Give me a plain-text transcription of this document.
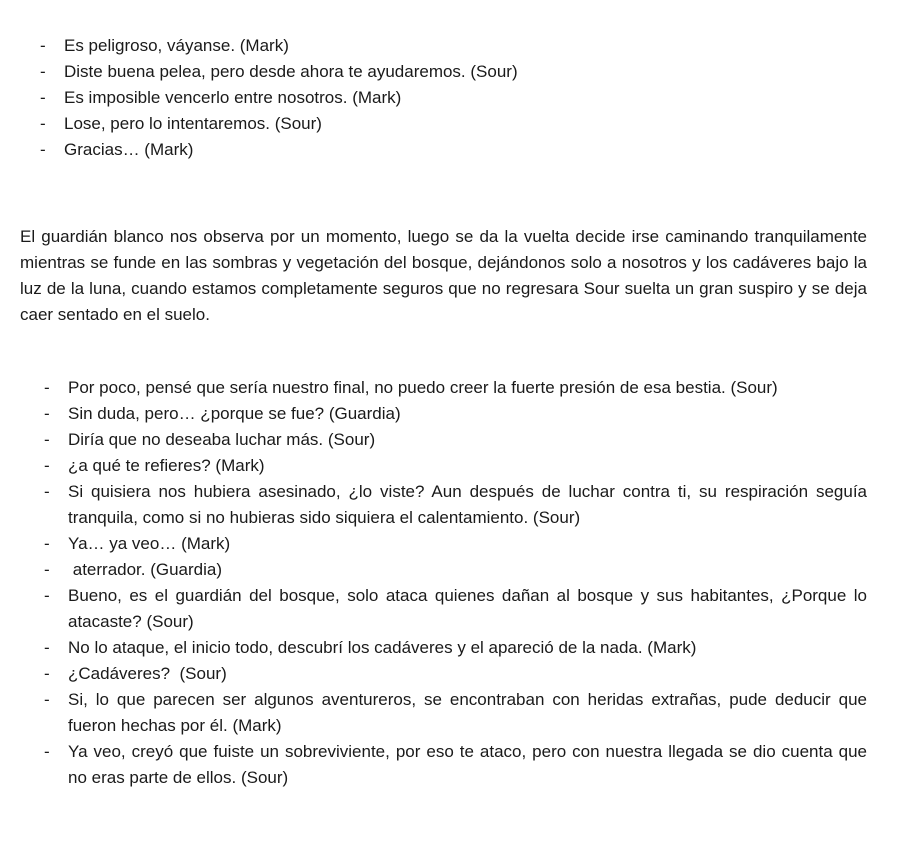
- Es peligroso, váyanse. (Mark)
- Diste buena pelea, pero desde ahora te ayudaremos. (Sour)
- Es imposible vencerlo entre nosotros. (Mark)
- Lose, pero lo intentaremos. (Sour)
- Gracias… (Mark)

El guardián blanco nos observa por un momento, luego se da la vuelta decide irse caminando tranquilamente mientras se funde en las sombras y vegetación del bosque, dejándonos solo a nosotros y los cadáveres bajo la luz de la luna, cuando estamos completamente seguros que no regresara Sour suelta un gran suspiro y se deja caer sentado en el suelo.

- Por poco, pensé que sería nuestro final, no puedo creer la fuerte presión de esa bestia. (Sour)
- Sin duda, pero… ¿porque se fue? (Guardia)
- Diría que no deseaba luchar más. (Sour)
- ¿a qué te refieres? (Mark)
- Si quisiera nos hubiera asesinado, ¿lo viste? Aun después de luchar contra ti, su respiración seguía tranquila, como si no hubieras sido siquiera el calentamiento. (Sour)
- Ya… ya veo… (Mark)
- aterrador. (Guardia)
- Bueno, es el guardián del bosque, solo ataca quienes dañan al bosque y sus habitantes, ¿Porque lo atacaste? (Sour)
- No lo ataque, el inicio todo, descubrí los cadáveres y el apareció de la nada. (Mark)
- ¿Cadáveres?  (Sour)
- Si, lo que parecen ser algunos aventureros, se encontraban con heridas extrañas, pude deducir que fueron hechas por él. (Mark)
- Ya veo, creyó que fuiste un sobreviviente, por eso te ataco, pero con nuestra llegada se dio cuenta que no eras parte de ellos. (Sour)
